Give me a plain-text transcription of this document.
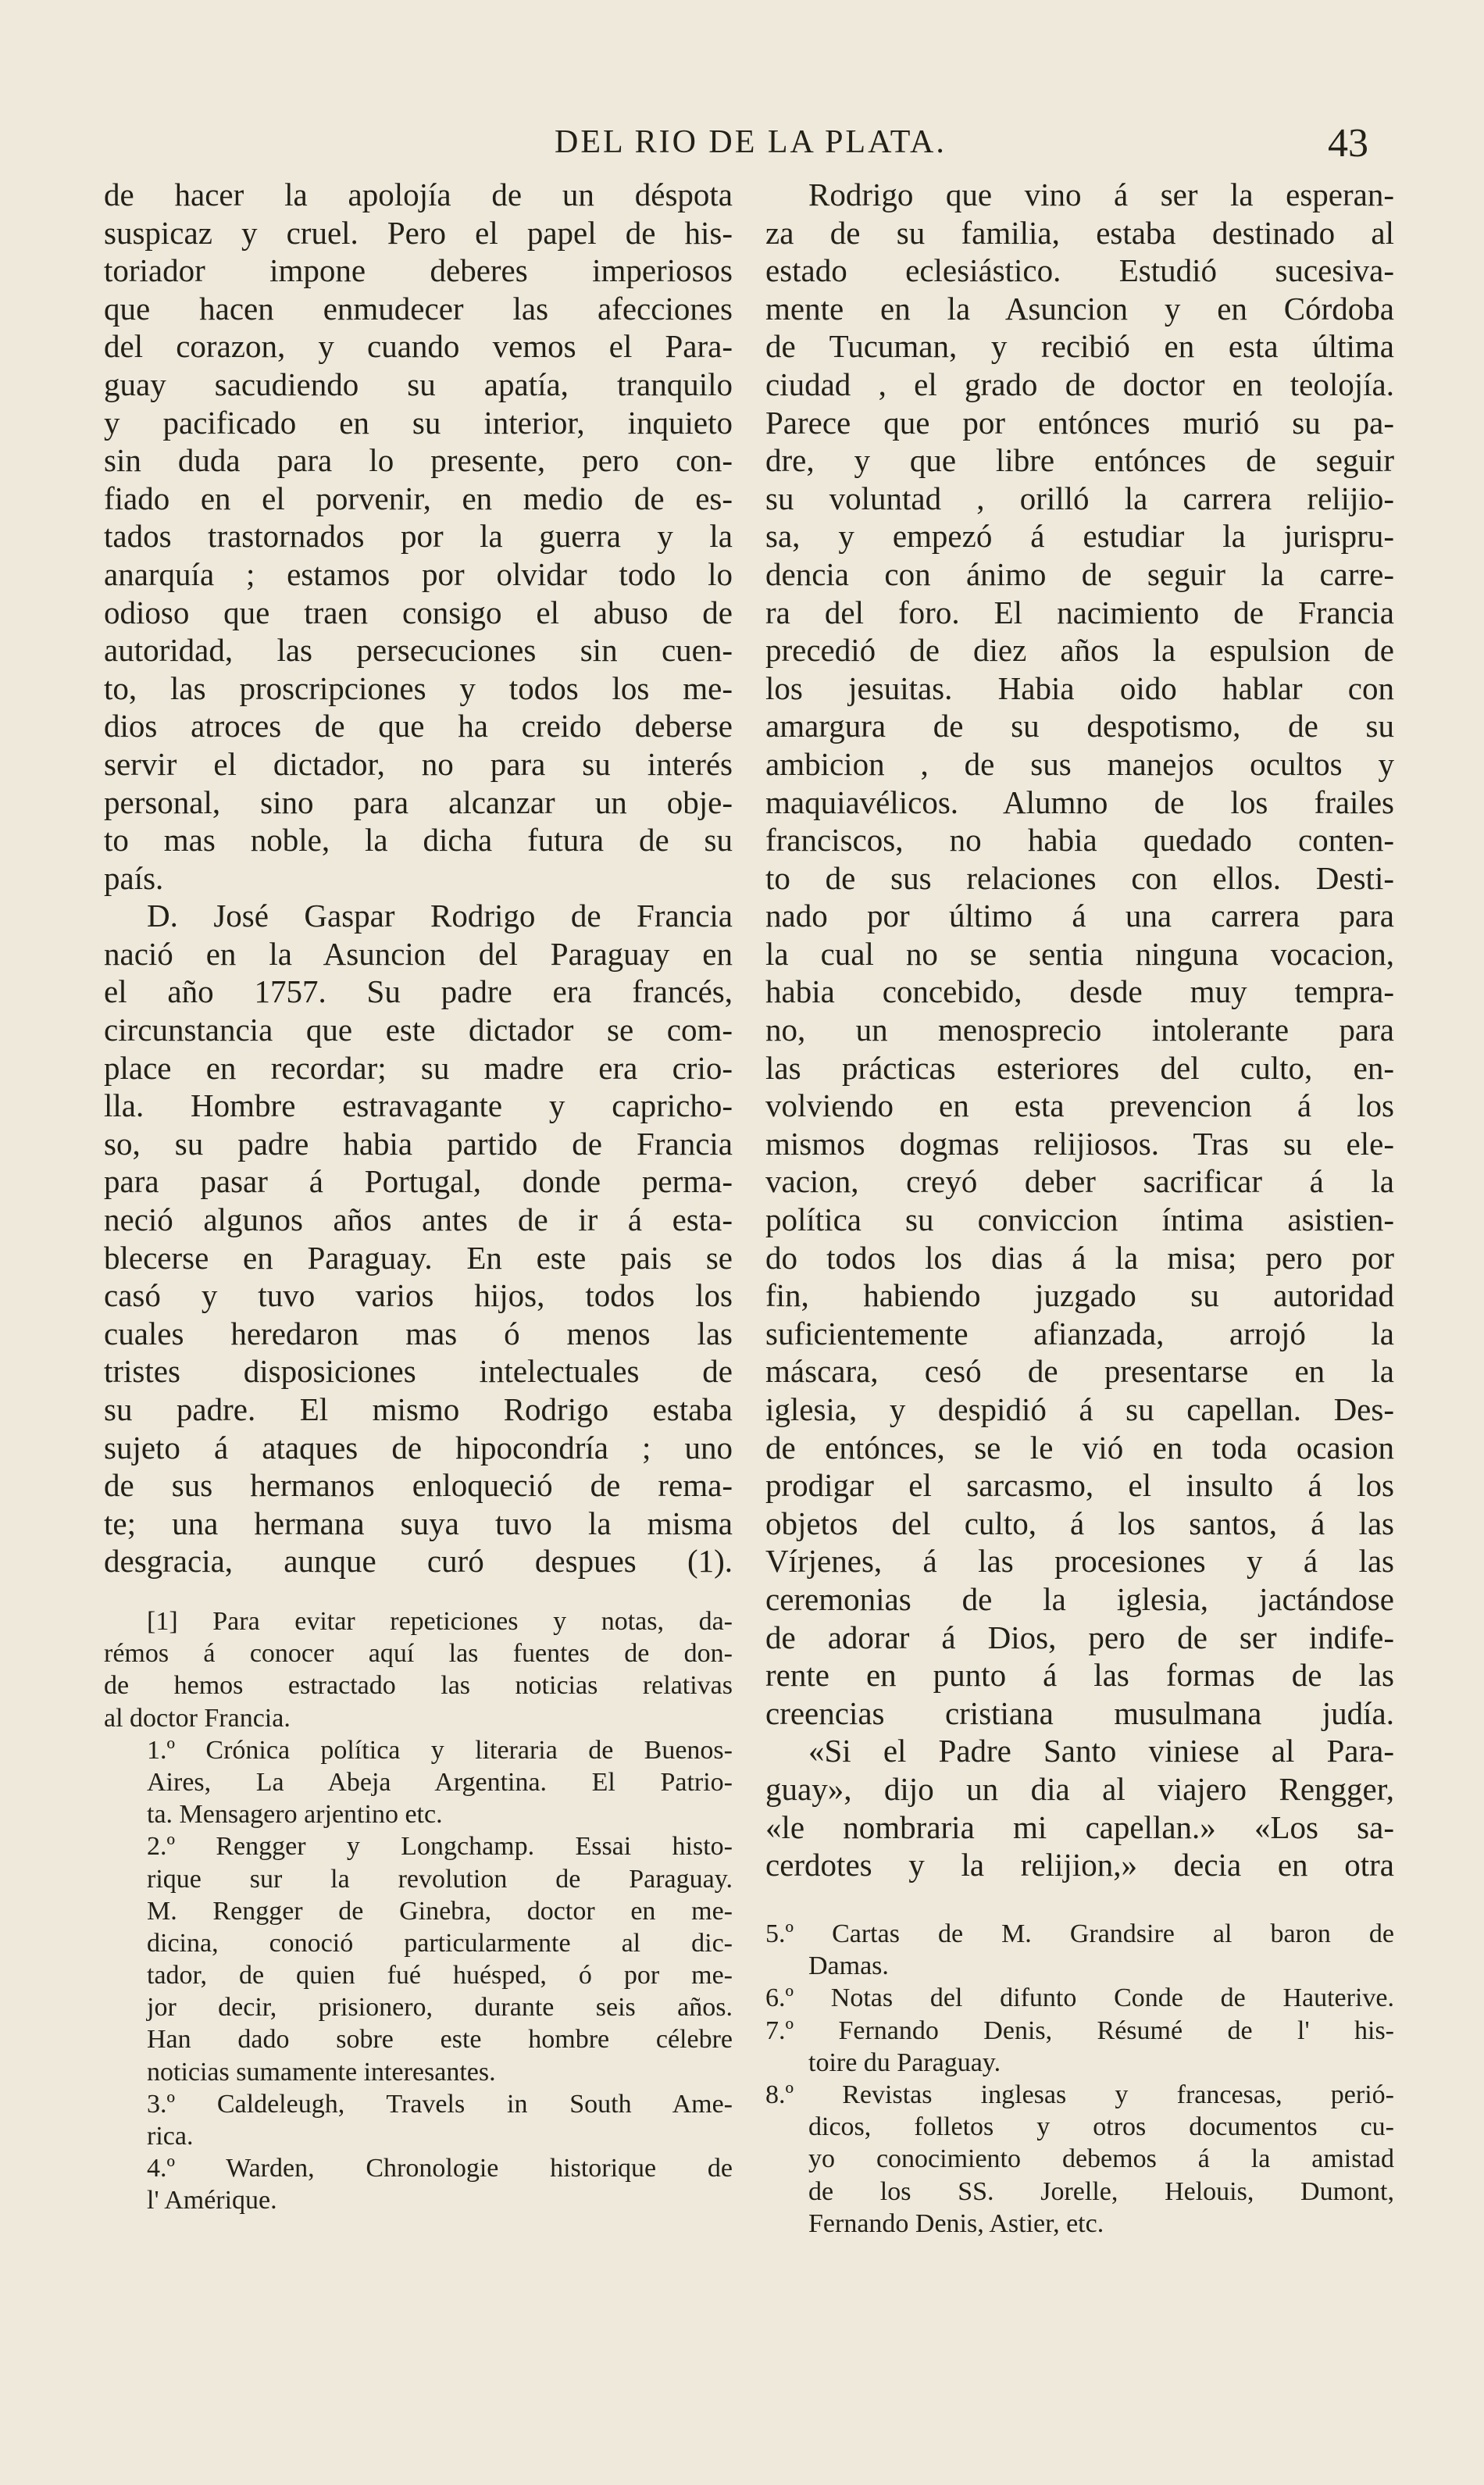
DEL RIO DE LA PLATA.	43
de hacer la apolojía de un déspota
suspicaz y cruel. Pero el papel de his-
toriador impone deberes imperiosos
que hacen enmudecer las afecciones
del corazon, y cuando vemos el Para-
guay sacudiendo su apatía, tranquilo
y pacificado en su interior, inquieto
sin duda para lo presente, pero con-
fiado en el porvenir, en medio de es-
tados trastornados por la guerra y la
anarquía ; estamos por olvidar todo lo
odioso que traen consigo el abuso de
autoridad, las persecuciones sin cuen-
to, las proscripciones y todos los me-
dios atroces de que ha creido deberse
servir el dictador, no para su interés
personal, sino para alcanzar un obje-
to mas noble, la dicha futura de su
país.
D. José Gaspar Rodrigo de Francia
nació en la Asuncion del Paraguay en
el año 1757. Su padre era francés,
circunstancia que este dictador se com-
place en recordar; su madre era crio-
lla. Hombre estravagante y capricho-
so, su padre habia partido de Francia
para pasar á Portugal, donde perma-
neció algunos años antes de ir á esta-
blecerse en Paraguay. En este pais se
casó y tuvo varios hijos, todos los
cuales heredaron mas ó menos las
tristes disposiciones intelectuales de
su padre. El mismo Rodrigo estaba
sujeto á ataques de hipocondría ; uno
de sus hermanos enloqueció de rema-
te; una hermana suya tuvo la misma
desgracia, aunque curó despues (1).
Rodrigo que vino á ser la esperan-
za de su familia, estaba destinado al
estado eclesiástico. Estudió sucesiva-
mente en la Asuncion y en Córdoba
de Tucuman, y recibió en esta última
ciudad , el grado de doctor en teolojía.
Parece que por entónces murió su pa-
dre, y que libre entónces de seguir
su voluntad , orilló la carrera relijio-
sa, y empezó á estudiar la jurispru-
dencia con ánimo de seguir la carre-
ra del foro. El nacimiento de Francia
precedió de diez años la espulsion de
los jesuitas. Habia oido hablar con
amargura de su despotismo, de su
ambicion , de sus manejos ocultos y
maquiavélicos. Alumno de los frailes
franciscos, no habia quedado conten-
to de sus relaciones con ellos. Desti-
nado por último á una carrera para
la cual no se sentia ninguna vocacion,
habia concebido, desde muy tempra-
no, un menosprecio intolerante para
las prácticas esteriores del culto, en-
volviendo en esta prevencion á los
mismos dogmas relijiosos. Tras su ele-
vacion, creyó deber sacrificar á la
política su conviccion íntima asistien-
do todos los dias á la misa; pero por
fin, habiendo juzgado su autoridad
suficientemente afianzada, arrojó la
máscara, cesó de presentarse en la
iglesia, y despidió á su capellan. Des-
de entónces, se le vió en toda ocasion
prodigar el sarcasmo, el insulto á los
objetos del culto, á los santos, á las
Vírjenes, á las procesiones y á las
ceremonias de la iglesia, jactándose
de adorar á Dios, pero de ser indife-
rente en punto á las formas de las
creencias cristiana musulmana judía.
«Si el Padre Santo viniese al Para-
guay», dijo un dia al viajero Rengger,
«le nombraria mi capellan.» «Los sa-
cerdotes y la relijion,» decia en otra
[1] Para evitar repeticiones y notas, da-
rémos á conocer aquí las fuentes de don-
de hemos estractado las noticias relativas
al doctor Francia.
1.º Crónica política y literaria de Buenos-
Aires, La Abeja Argentina. El Patrio-
ta. Mensagero arjentino etc.
2.º Rengger y Longchamp. Essai histo-
rique sur la revolution de Paraguay.
M. Rengger de Ginebra, doctor en me-
dicina, conoció particularmente al dic-
tador, de quien fué huésped, ó por me-
jor decir, prisionero, durante seis años.
Han dado sobre este hombre célebre
noticias sumamente interesantes.
3.º Caldeleugh, Travels in South Ame-
rica.
4.º Warden, Chronologie historique de
l' Amérique.
5.º Cartas de M. Grandsire al baron de
Damas.
6.º Notas del difunto Conde de Hauterive.
7.º Fernando Denis, Résumé de l' his-
toire du Paraguay.
8.º Revistas inglesas y francesas, perió-
dicos, folletos y otros documentos cu-
yo conocimiento debemos á la amistad
de los SS. Jorelle, Helouis, Dumont,
Fernando Denis, Astier, etc.
